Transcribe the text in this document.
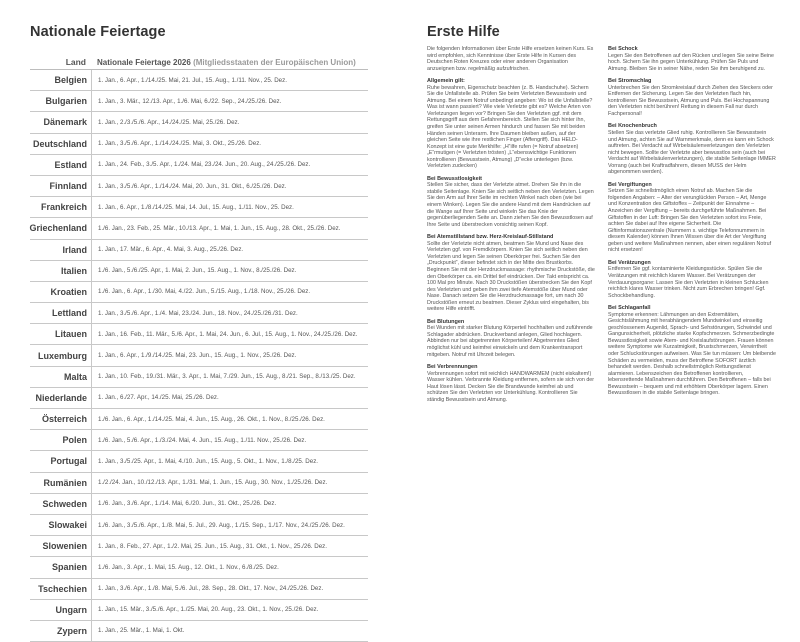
Nationale Feiertage
Land	Nationale Feiertage 2026 (Mitgliedsstaaten der Europäischen Union)
Belgien	1. Jan., 6. Apr., 1./14./25. Mai, 21. Jul., 15. Aug., 1./11. Nov., 25. Dez.
Bulgarien	1. Jan., 3. Mär., 12./13. Apr., 1./6. Mai, 6./22. Sep., 24./25./26. Dez.
Dänemark	1. Jan., 2./3./5./6. Apr., 14./24./25. Mai, 25./26. Dez.
Deutschland	1. Jan., 3./5./6. Apr., 1./14./24./25. Mai, 3. Okt., 25./26. Dez.
Estland	1. Jan., 24. Feb., 3./5. Apr., 1./24. Mai, 23./24. Jun., 20. Aug., 24./25./26. Dez.
Finnland	1. Jan., 3./5./6. Apr., 1./14./24. Mai, 20. Jun., 31. Okt., 6./25./26. Dez.
Frankreich	1. Jan., 6. Apr., 1./8./14./25. Mai, 14. Jul., 15. Aug., 1./11. Nov., 25. Dez.
Griechenland	1./6. Jan., 23. Feb., 25. Mär., 10./13. Apr., 1. Mai, 1. Jun., 15. Aug., 28. Okt., 25./26. Dez.
Irland	1. Jan., 17. Mär., 6. Apr., 4. Mai, 3. Aug., 25./26. Dez.
Italien	1./6. Jan., 5./6./25. Apr., 1. Mai, 2. Jun., 15. Aug., 1. Nov., 8./25./26. Dez.
Kroatien	1./6. Jan., 6. Apr., 1./30. Mai, 4./22. Jun., 5./15. Aug., 1./18. Nov., 25./26. Dez.
Lettland	1. Jan., 3./5./6. Apr., 1./4. Mai, 23./24. Jun., 18. Nov., 24./25./26./31. Dez.
Litauen	1. Jan., 16. Feb., 11. Mär., 5./6. Apr., 1. Mai, 24. Jun., 6. Jul., 15. Aug., 1. Nov., 24./25./26. Dez.
Luxemburg	1. Jan., 6. Apr., 1./9./14./25. Mai, 23. Jun., 15. Aug., 1. Nov., 25./26. Dez.
Malta	1. Jan., 10. Feb., 19./31. Mär., 3. Apr., 1. Mai, 7./29. Jun., 15. Aug., 8./21. Sep., 8./13./25. Dez.
Niederlande	1. Jan., 6./27. Apr., 14./25. Mai, 25./26. Dez.
Österreich	1./6. Jan., 6. Apr., 1./14./25. Mai, 4. Jun., 15. Aug., 26. Okt., 1. Nov., 8./25./26. Dez.
Polen	1./6. Jan., 5./6. Apr., 1./3./24. Mai, 4. Jun., 15. Aug., 1./11. Nov., 25./26. Dez.
Portugal	1. Jan., 3./5./25. Apr., 1. Mai, 4./10. Jun., 15. Aug., 5. Okt., 1. Nov., 1./8./25. Dez.
Rumänien	1./2./24. Jan., 10./12./13. Apr., 1./31. Mai, 1. Jun., 15. Aug., 30. Nov., 1./25./26. Dez.
Schweden	1./6. Jan., 3./6. Apr., 1./14. Mai, 6./20. Jun., 31. Okt., 25./26. Dez.
Slowakei	1./6. Jan., 3./5./6. Apr., 1./8. Mai, 5. Jul., 29. Aug., 1./15. Sep., 1./17. Nov., 24./25./26. Dez.
Slowenien	1. Jan., 8. Feb., 27. Apr., 1./2. Mai, 25. Jun., 15. Aug., 31. Okt., 1. Nov., 25./26. Dez.
Spanien	1./6. Jan., 3. Apr., 1. Mai, 15. Aug., 12. Okt., 1. Nov., 6./8./25. Dez.
Tschechien	1. Jan., 3./6. Apr., 1./8. Mai, 5./6. Jul., 28. Sep., 28. Okt., 17. Nov., 24./25./26. Dez.
Ungarn	1. Jan., 15. Mär., 3./5./6. Apr., 1./25. Mai, 20. Aug., 23. Okt., 1. Nov., 25./26. Dez.
Zypern	1. Jan., 25. Mär., 1. Mai, 1. Okt.
Erste Hilfe

Die folgenden Informationen über Erste Hilfe ersetzen keinen Kurs. Es wird empfohlen, sich Kenntnisse über Erste Hilfe in Kursen des Deutschen Roten Kreuzes oder einer anderen Organisation anzueignen bzw. regelmäßig aufzufrischen.

Allgemein gilt:

Ruhe bewahren, Eigenschutz beachten (z. B. Handschuhe). Sichern Sie die Unfallstelle ab. Prüfen Sie beim Verletzten Bewusstsein und Atmung. Bei einem Notruf unbedingt angeben: Wo ist die Unfallstelle? Was ist wann passiert? Wie viele Verletzte gibt es? Welche Arten von Verletzungen liegen vor? Bringen Sie den Verletzten ggf. mit dem Rettungsgriff aus dem Gefahrenbereich. Stellen Sie sich hinter ihn, greifen Sie unter seinen Armen hindurch und fassen Sie mit beiden Händen seinen Unterarm. Ihre Daumen bleiben außen, auf der gleichen Seite wie ihre restlichen Finger (Affengriff). Das HELD-Konzept ist eine gute Merkhilfe: „H“ilfe rufen (= Notruf absetzen) „E“rmutigen (= Verletzten trösten) „L“ebenswichtige Funktionen kontrollieren (Bewusstsein, Atmung) „D“ecke unterlegen (bzw. Verletzten zudecken)

Bei Bewusstlosigkeit

Stellen Sie sicher, dass der Verletzte atmet. Drehen Sie ihn in die stabile Seitenlage. Knien Sie sich seitlich neben den Verletzten. Legen Sie den Arm auf Ihrer Seite im rechten Winkel nach oben (wie bei einem Winken). Legen Sie die andere Hand mit dem Handrücken auf die Wange auf Ihrer Seite und winkeln Sie das Knie der gegenüberliegenden Seite an. Dann ziehen Sie den Bewusstlosen auf Ihre Seite und überstrecken vorsichtig seinen Kopf.

Bei Atemstillstand bzw. Herz-Kreislauf-Stillstand

Sollte der Verletzte nicht atmen, beatmen Sie Mund und Nase des Verletzten ggf. von Fremdkörpern. Knien Sie sich seitlich neben den Verletzten und legen Sie seinen Oberkörper frei. Suchen Sie den „Druckpunkt“, dieser befindet sich in der Mitte des Brustkorbs. Beginnen Sie mit der Herzdruckmassage: rhythmische Druckstöße, die den Oberkörper ca. ein Drittel tief eindrücken. Der Takt entspricht ca. 100 Mal pro Minute. Nach 30 Druckstößen überstrecken Sie den Kopf des Verletzten und geben ihm zwei tiefe Atemstöße über Mund oder Nase. Danach setzen Sie die Herzdruckmassage fort, um nach 30 Druckstößen erneut zu beatmen. Dieser Zyklus wird eingehalten, bis weitere Hilfe eintrifft.

Bei Blutungen

Bei Wunden mit starker Blutung Körperteil hochhalten und zuführende Schlagader abdrücken. Druckverband anlegen, Glied hochlagern. Abbinden nur bei abgetrennten Körperteilen! Abgetrenntes Glied möglichst kühl und keimfrei einwickeln und dem Krankentransport mitgeben. Notruf mit Uhrzeit belegen.

Bei Verbrennungen

Verbrennungen sofort mit reichlich HANDWARMEM (nicht eiskaltem!) Wasser kühlen. Verbrannte Kleidung entfernen, sofern sie sich von der Haut lösen lässt. Decken Sie die Brandwunde keimfrei ab und schützen Sie den Verletzten vor Unterkühlung. Kontrollieren Sie ständig Bewusstsein und Atmung.

Bei Schock

Legen Sie den Betroffenen auf den Rücken und legen Sie seine Beine hoch. Sichern Sie ihn gegen Unterkühlung. Prüfen Sie Puls und Atmung. Bleiben Sie in seiner Nähe, reden Sie ihm beruhigend zu.

Bei Stromschlag

Unterbrechen Sie den Stromkreislauf durch Ziehen des Steckers oder Entfernen der Sicherung. Legen Sie den Verletzten flach hin, kontrollieren Sie Bewusstsein, Atmung und Puls. Bei Hochspannung den Verletzten nicht berühren! Rettung in diesem Fall nur durch Fachpersonal!

Bei Knochenbruch

Stellen Sie das verletzte Glied ruhig. Kontrollieren Sie Bewusstsein und Atmung, achten Sie auf Warnmerkmale, denn es kann ein Schock auftreten. Bei Verdacht auf Wirbelsäulenverletzungen den Verletzten nicht bewegen. Sollte der Verletzte aber bewusstlos sein (auch bei Verdacht auf Wirbelsäulenverletzungen), die stabile Seitenlage IMMER Vorrang (auch bei Kraftradfahrern, diesen MUSS der Helm abgenommen werden).

Bei Vergiftungen

Setzen Sie schnellstmöglich einen Notruf ab. Machen Sie die folgenden Angaben: – Alter der verunglückten Person – Art, Menge und Konzentration des Giftstoffes – Zeitpunkt der Einnahme – Anzeichen der Vergiftung – bereits durchgeführte Maßnahmen. Bei Giftstoffen in der Luft: Bringen Sie den Verletzten sofort ins Freie, achten Sie dabei auf Ihre eigene Sicherheit. Die Giftinformationszentrale (Nummern s. wichtige Telefonnummern in diesem Kalender) können Ihnen Wissen über die Art der Vergiftung geben und weitere Maßnahmen nennen, aber einen regulären Notruf nicht ersetzen!

Bei Verätzungen

Entfernen Sie ggf. kontaminierte Kleidungsstücke. Spülen Sie die Verätzungen mit reichlich klarem Wasser. Bei Verätzungen der Verdauungsorgane: Lassen Sie den Verletzten in kleinen Schlucken reichlich klares Wasser trinken. Nicht zum Erbrechen bringen! Ggf. Schockbehandlung.

Bei Schlaganfall

Symptome erkennen: Lähmungen an den Extremitäten, Gesichtslähmung mit herabhängendem Mundwinkel und einseitig geschlossenem Augenlid, Sprach- und Sehstörungen, Schwindel und Gangunsicherheit, plötzliche starke Kopfschmerzen. Schmerzbedingte Bewusstlosigkeit sowie Atem- und Kreislaufstörungen. Frauen können weitere Symptome wie Kurzatmigkeit, Brustschmerzen, Verwirrtheit oder Schluckstörungen aufweisen. Was Sie tun müssen: Um bleibende Schäden zu vermeiden, muss der Betroffene SOFORT ärztlich behandelt werden. Deshalb schnellstmöglich Rettungsdienst alarmieren. Lebenszeichen des Betroffenen kontrollieren, lebensrettende Maßnahmen durchführen. Den Betroffenen – falls bei Bewusstsein – bequem und mit erhöhtem Oberkörper lagern. Einen Bewusstlosen in die stabile Seitenlage bringen.
